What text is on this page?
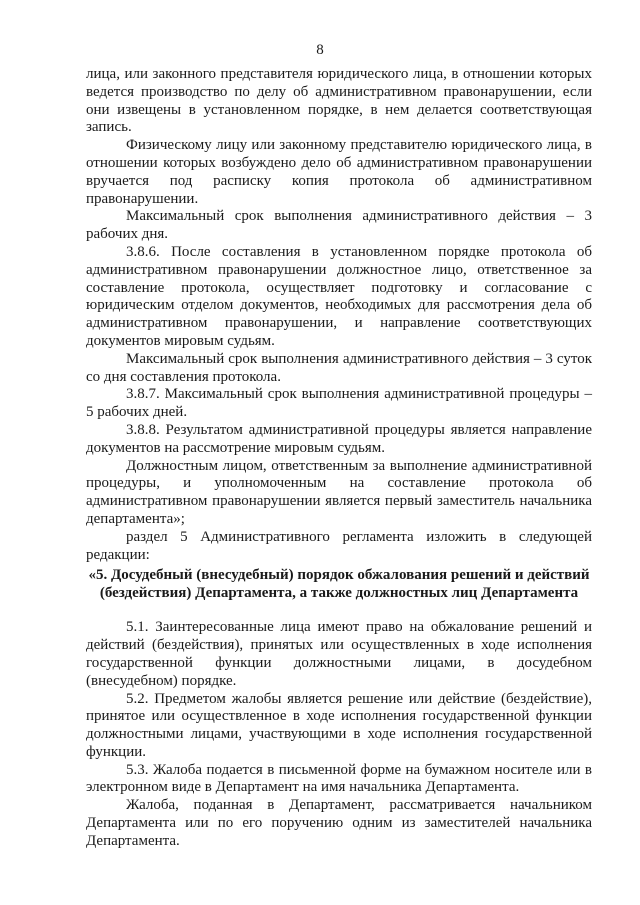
8

лица, или законного представителя юридического лица, в отношении которых ведется производство по делу об административном правонарушении, если они извещены в установленном порядке, в нем делается соответствующая запись.

Физическому лицу или законному представителю юридического лица, в отношении которых возбуждено дело об административном правонарушении вручается под расписку копия протокола об административном правонарушении.

Максимальный срок выполнения административного действия – 3 рабочих дня.

3.8.6. После составления в установленном порядке протокола об административном правонарушении должностное лицо, ответственное за составление протокола, осуществляет подготовку и согласование с юридическим отделом документов, необходимых для рассмотрения дела об административном правонарушении, и направление соответствующих документов мировым судьям.

Максимальный срок выполнения административного действия – 3 суток со дня составления протокола.

3.8.7. Максимальный срок выполнения административной процедуры – 5 рабочих дней.

3.8.8. Результатом административной процедуры является направление документов на рассмотрение мировым судьям.

Должностным лицом, ответственным за выполнение административной процедуры, и уполномоченным на составление протокола об административном правонарушении является первый заместитель начальника департамента»;

раздел 5 Административного регламента изложить в следующей редакции:

«5. Досудебный (внесудебный) порядок обжалования решений и действий (бездействия) Департамента, а также должностных лиц Департамента

5.1. Заинтересованные лица имеют право на обжалование решений и действий (бездействия), принятых или осуществленных в ходе исполнения государственной функции должностными лицами, в досудебном (внесудебном) порядке.

5.2. Предметом жалобы является решение или действие (бездействие), принятое или осуществленное в ходе исполнения государственной функции должностными лицами, участвующими в ходе исполнения государственной функции.

5.3. Жалоба подается в письменной форме на бумажном носителе или в электронном виде в Департамент на имя начальника Департамента.

Жалоба, поданная в Департамент, рассматривается начальником Департамента или по его поручению одним из заместителей начальника Департамента.
